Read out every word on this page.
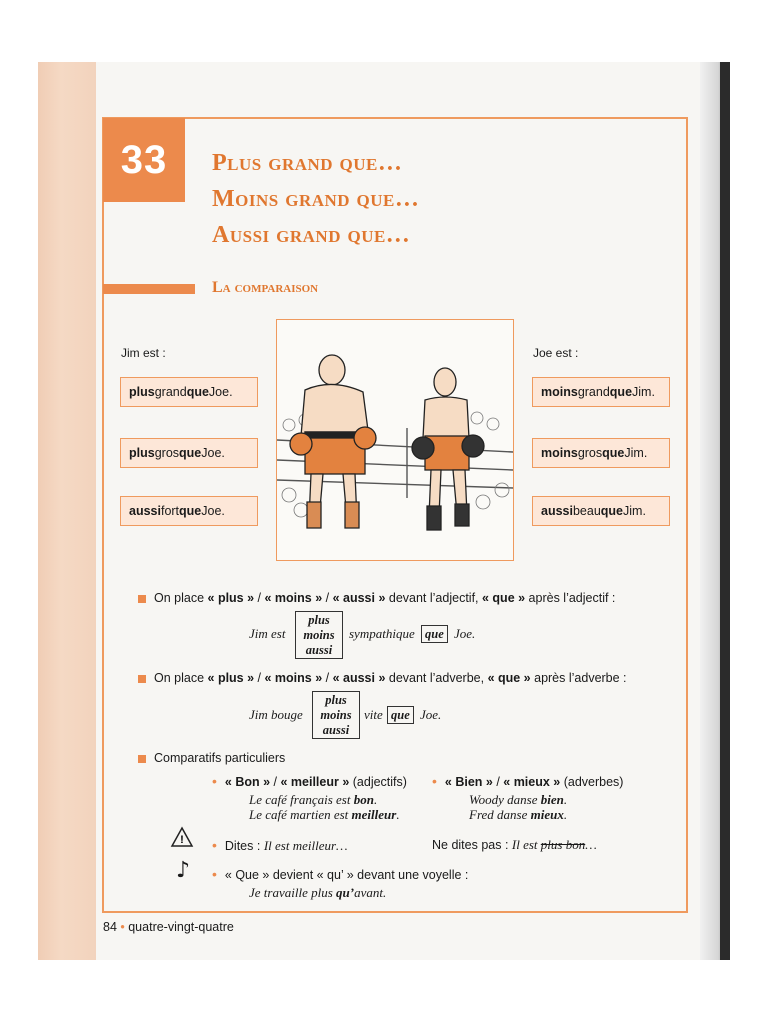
33 Plus grand que…
Moins grand que…
Aussi grand que…
La comparaison
Jim est :
plus grand que Joe.
plus gros que Joe.
aussi fort que Joe.
Joe est :
moins grand que Jim.
moins gros que Jim.
aussi beau que Jim.
On place « plus » / « moins » / « aussi » devant l’adjectif, « que » après l’adjectif :
Jim est
plus
moins
aussi
sympathique que Joe.
On place « plus » / « moins » / « aussi » devant l’adverbe, « que » après l’adverbe :
Jim bouge
plus
moins
aussi
vite que Joe.
Comparatifs particuliers
• « Bon » / « meilleur » (adjectifs)
Le café français est bon.
Le café martien est meilleur.
• « Bien » / « mieux » (adverbes)
Woody danse bien.
Fred danse mieux.
! • Dites : Il est meilleur…	Ne dites pas : Il est plus bon…
♪ • « Que » devient « qu’ » devant une voyelle :
Je travaille plus qu’avant.
84 • quatre-vingt-quatre
